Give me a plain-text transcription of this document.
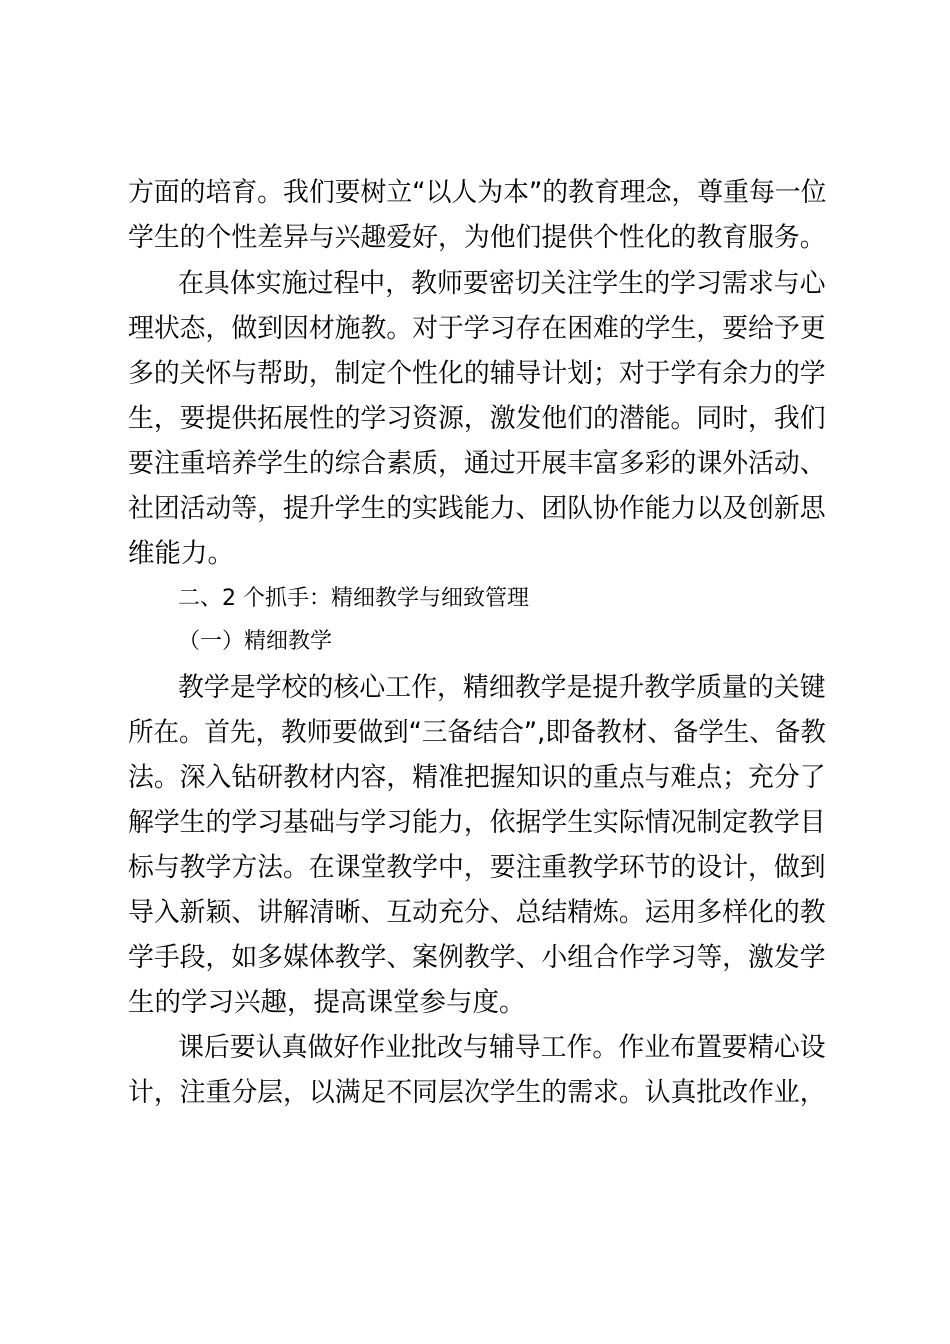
方面的培育。我们要树立“以人为本”的教育理念，尊重每一位
学生的个性差异与兴趣爱好，为他们提供个性化的教育服务。
在具体实施过程中，教师要密切关注学生的学习需求与心
理状态，做到因材施教。对于学习存在困难的学生，要给予更
多的关怀与帮助，制定个性化的辅导计划；对于学有余力的学
生，要提供拓展性的学习资源，激发他们的潜能。同时，我们
要注重培养学生的综合素质，通过开展丰富多彩的课外活动、
社团活动等，提升学生的实践能力、团队协作能力以及创新思
维能力。
二、2 个抓手：精细教学与细致管理
（一）精细教学
教学是学校的核心工作，精细教学是提升教学质量的关键
所在。首先，教师要做到“三备结合”,即备教材、备学生、备教
法。深入钻研教材内容，精准把握知识的重点与难点；充分了
解学生的学习基础与学习能力，依据学生实际情况制定教学目
标与教学方法。在课堂教学中，要注重教学环节的设计，做到
导入新颖、讲解清晰、互动充分、总结精炼。运用多样化的教
学手段，如多媒体教学、案例教学、小组合作学习等，激发学
生的学习兴趣，提高课堂参与度。
课后要认真做好作业批改与辅导工作。作业布置要精心设
计，注重分层，以满足不同层次学生的需求。认真批改作业，
